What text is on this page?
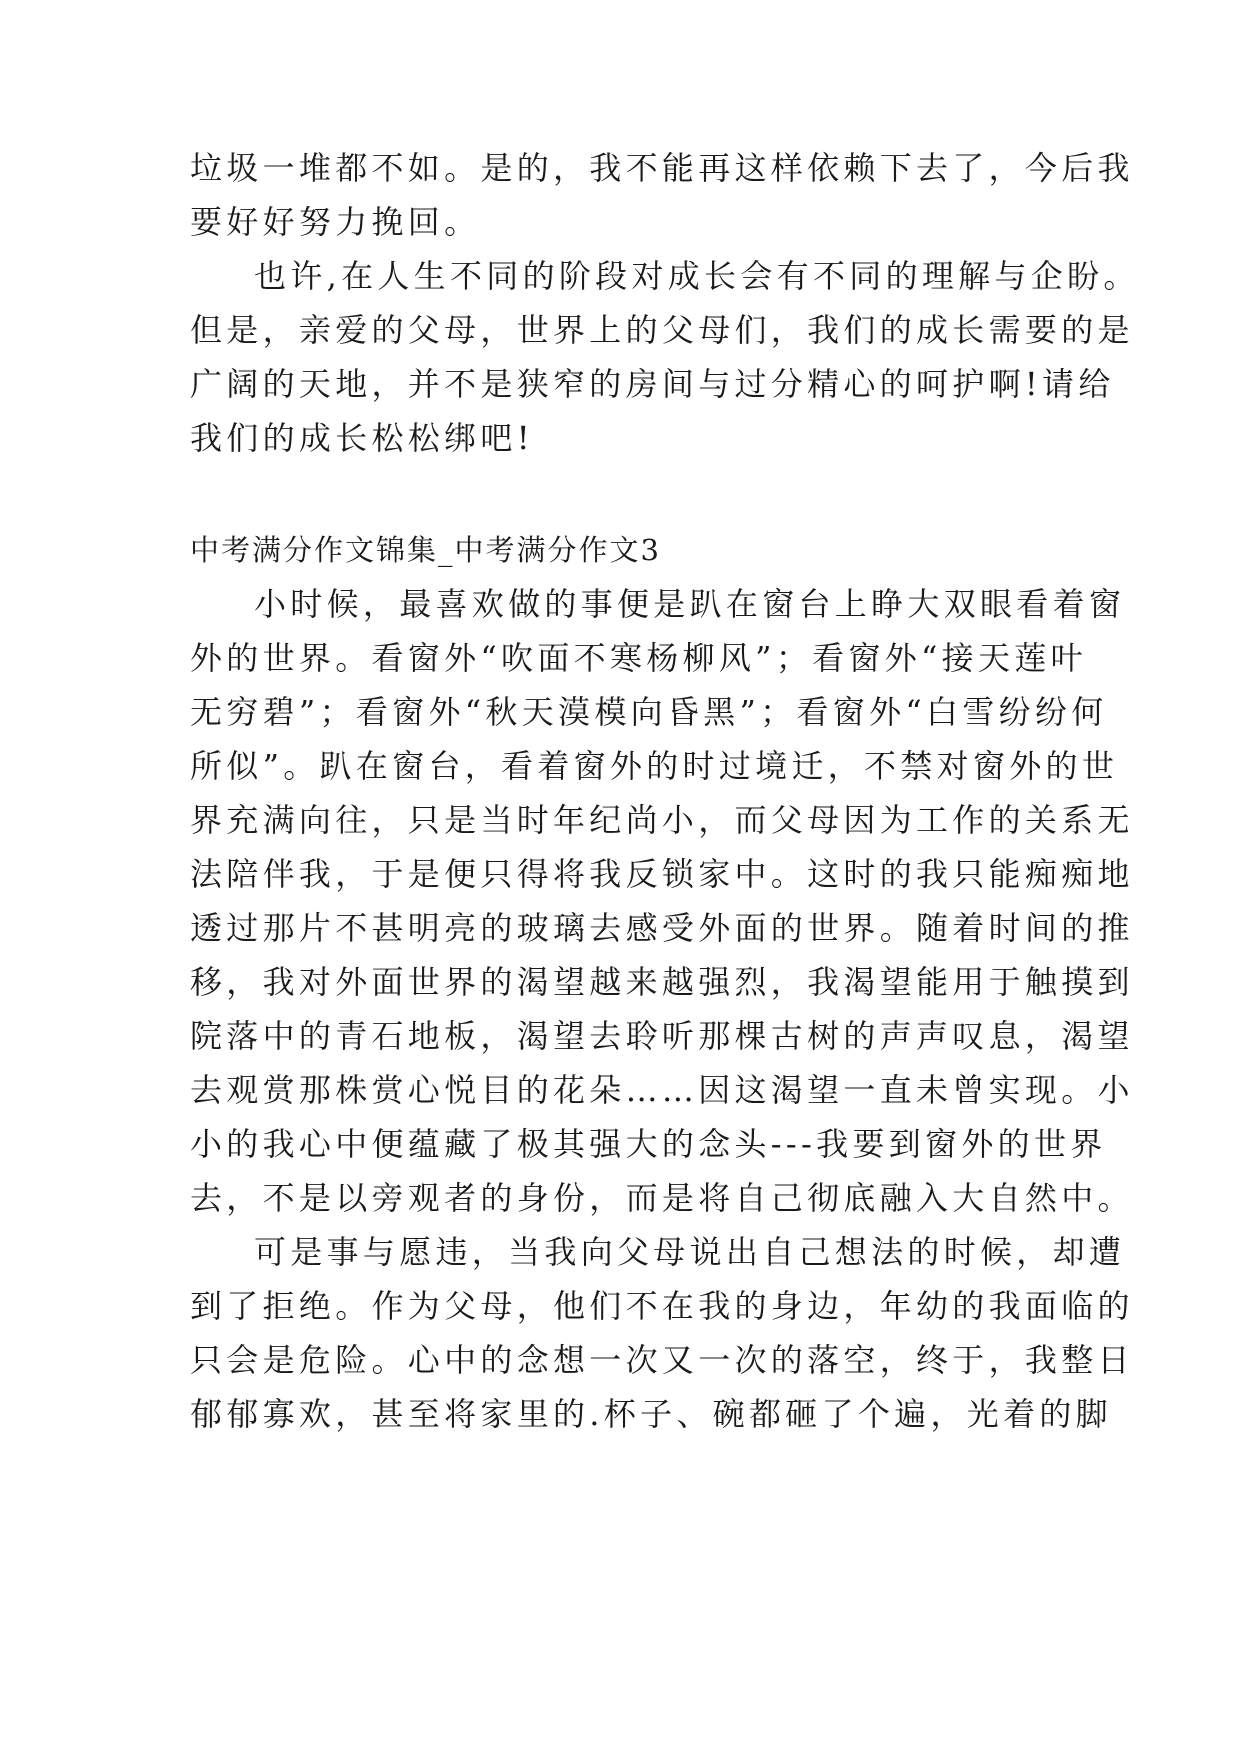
垃圾一堆都不如。是的，我不能再这样依赖下去了，今后我
要好好努力挽回。
也许,在人生不同的阶段对成长会有不同的理解与企盼。
但是，亲爱的父母，世界上的父母们，我们的成长需要的是
广阔的天地，并不是狭窄的房间与过分精心的呵护啊!请给
我们的成长松松绑吧!
中考满分作文锦集_中考满分作文3
小时候，最喜欢做的事便是趴在窗台上睁大双眼看着窗
外的世界。看窗外“吹面不寒杨柳风”；看窗外“接天莲叶
无穷碧”；看窗外“秋天漠模向昏黑”；看窗外“白雪纷纷何
所似”。趴在窗台，看着窗外的时过境迁，不禁对窗外的世
界充满向往，只是当时年纪尚小，而父母因为工作的关系无
法陪伴我，于是便只得将我反锁家中。这时的我只能痴痴地
透过那片不甚明亮的玻璃去感受外面的世界。随着时间的推
移，我对外面世界的渴望越来越强烈，我渴望能用于触摸到
院落中的青石地板，渴望去聆听那棵古树的声声叹息，渴望
去观赏那株赏心悦目的花朵……因这渴望一直未曾实现。小
小的我心中便蕴藏了极其强大的念头---我要到窗外的世界
去，不是以旁观者的身份，而是将自己彻底融入大自然中。
可是事与愿违，当我向父母说出自己想法的时候，却遭
到了拒绝。作为父母，他们不在我的身边，年幼的我面临的
只会是危险。心中的念想一次又一次的落空，终于，我整日
郁郁寡欢，甚至将家里的.杯子、碗都砸了个遍，光着的脚
